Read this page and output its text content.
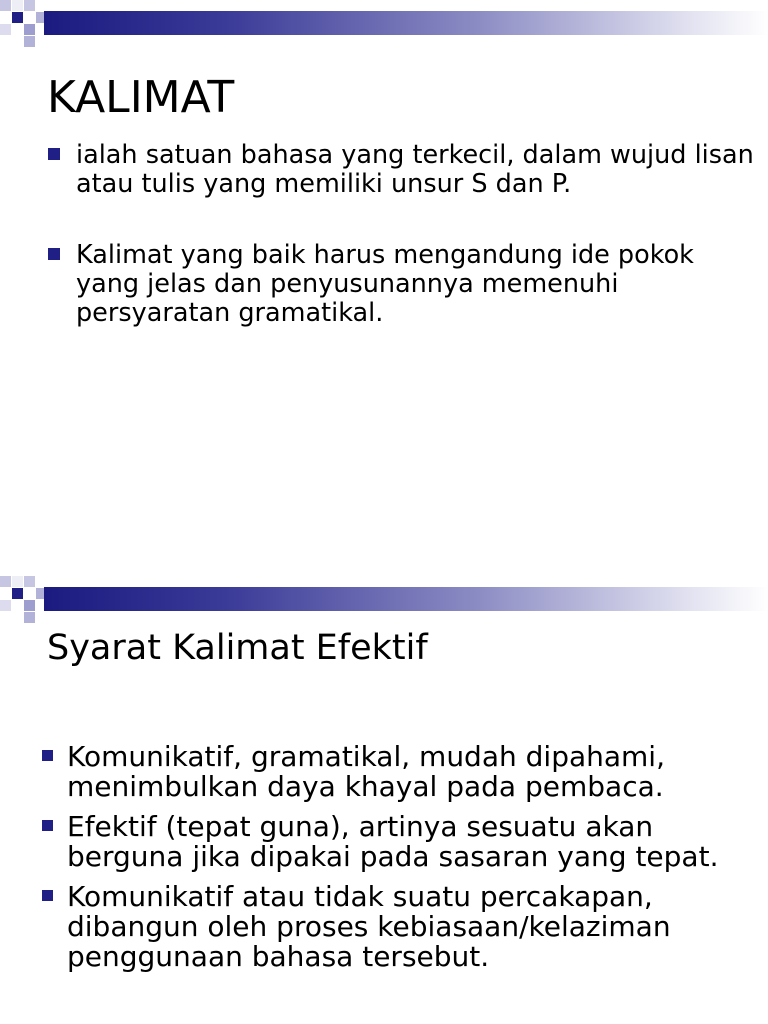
KALIMAT
ialah satuan bahasa yang terkecil, dalam wujud lisan atau tulis yang memiliki unsur S dan P.
Kalimat yang baik harus mengandung ide pokok yang jelas dan penyusunannya memenuhi persyaratan gramatikal.
Syarat Kalimat Efektif
Komunikatif, gramatikal, mudah dipahami, menimbulkan daya khayal pada pembaca.
Efektif (tepat guna), artinya sesuatu akan berguna jika dipakai pada sasaran yang tepat.
Komunikatif atau tidak suatu percakapan, dibangun oleh proses kebiasaan/kelaziman penggunaan bahasa tersebut.
